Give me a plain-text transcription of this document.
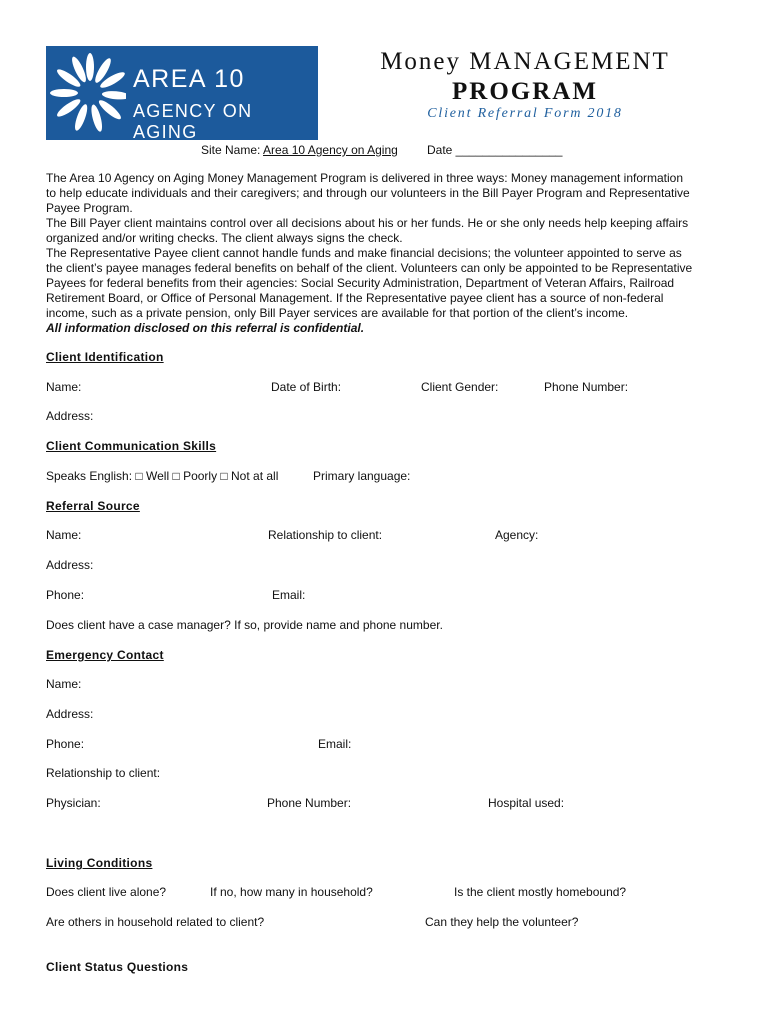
AREA 10
AGENCY ON AGING
Money MANAGEMENT
PROGRAM
Client Referral Form 2018
Site Name: Area 10 Agency on Aging Date ________________
The Area 10 Agency on Aging Money Management Program is delivered in three ways: Money management information
to help educate individuals and their caregivers; and through our volunteers in the Bill Payer Program and Representative
Payee Program.
The Bill Payer client maintains control over all decisions about his or her funds. He or she only needs help keeping affairs
organized and/or writing checks. The client always signs the check.
The Representative Payee client cannot handle funds and make financial decisions; the volunteer appointed to serve as
the client’s payee manages federal benefits on behalf of the client. Volunteers can only be appointed to be Representative
Payees for federal benefits from their agencies: Social Security Administration, Department of Veteran Affairs, Railroad
Retirement Board, or Office of Personal Management. If the Representative payee client has a source of non-federal
income, such as a private pension, only Bill Payer services are available for that portion of the client’s income.
All information disclosed on this referral is confidential.
Client Identification
Name:	Date of Birth:	Client Gender:	Phone Number:
Address:
Client Communication Skills
Speaks English: □ Well □ Poorly □ Not at all	Primary language:
Referral Source
Name:	Relationship to client:	Agency:
Address:
Phone:	Email:
Does client have a case manager? If so, provide name and phone number.
Emergency Contact
Name:
Address:
Phone:	Email:
Relationship to client:
Physician:	Phone Number:	Hospital used:
Living Conditions
Does client live alone?	If no, how many in household?	Is the client mostly homebound?
Are others in household related to client?	Can they help the volunteer?
Client Status Questions
